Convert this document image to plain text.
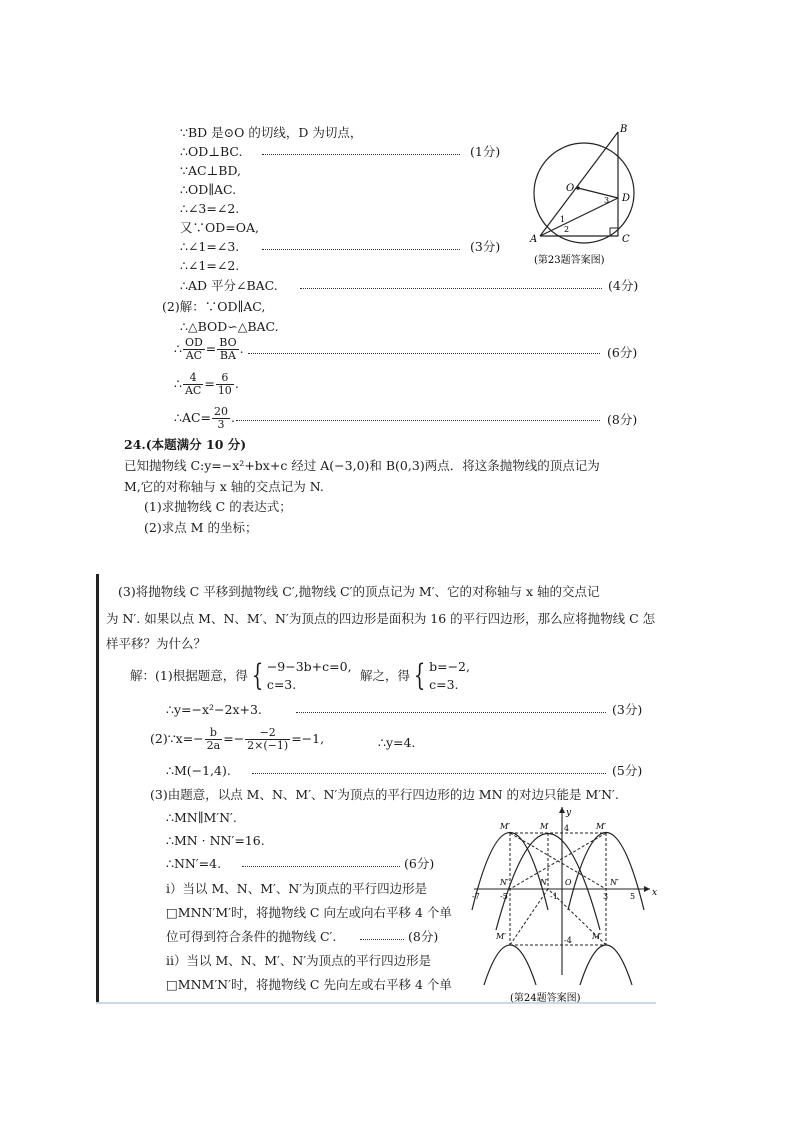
∵BD 是⊙O 的切线，D 为切点，
∴OD⊥BC.
∵AC⊥BD,
∴OD∥AC.
∴∠3=∠2.
又∵OD=OA,
∴∠1=∠3.
∴∠1=∠2.
∴AD 平分∠BAC.
(1分)
(3分)
(4分)
(2)解：∵OD∥AC,
∴△BOD∽△BAC.
∴ $\frac{OD}{AC} = \frac{BO}{BA}$ .	(6分)
∴ $\frac{4}{AC} = \frac{6}{10}$ .
∴AC= $\frac{20}{3}$ .	(8分)
B
O
D
A	C
1
2
3
(第23题答案图)
24.(本题满分 10 分)
已知抛物线 C:y=−x²+bx+c 经过 A(−3,0)和 B(0,3)两点．将这条抛物线的顶点记为
M,它的对称轴与 x 轴的交点记为 N.
(1)求抛物线 C 的表达式；
(2)求点 M 的坐标；
(3)将抛物线 C 平移到抛物线 C′,抛物线 C′的顶点记为 M′、它的对称轴与 x 轴的交点记
为 N′. 如果以点 M、N、M′、N′为顶点的四边形是面积为 16 的平行四边形，那么应将抛物线 C 怎
样平移？为什么？
解：(1)根据题意，得 { −9−3b+c=0,
c=3.
解之，得 { b=−2,
c=3.
∴y=−x²−2x+3.	(3分)
(2)∵x=− $\frac{b}{2a} =- \frac{-2}{2\times(-1)} =-1$,	∴y=4.
∴M(−1,4).	(5分)
(3)由题意，以点 M、N、M′、N′为顶点的平行四边形的边 MN 的对边只能是 M′N′.
∴MN∥M′N′.
∴MN · NN′=16.
∴NN′=4.	(6分)
ⅰ）当以 M、N、M′、N′为顶点的平行四边形是
□MNN′M′时，将抛物线 C 向左或向右平移 4 个单
位可得到符合条件的抛物线 C′.	(8分)
ⅱ）当以 M、N、M′、N′为顶点的平行四边形是
□MNM′N′时，将抛物线 C 先向左或右平移 4 个单
y
x
M′	M	M′
N′	N	N′
O
4
-4
-7	-5	-1	3	5
M′
M′
(第24题答案图)
